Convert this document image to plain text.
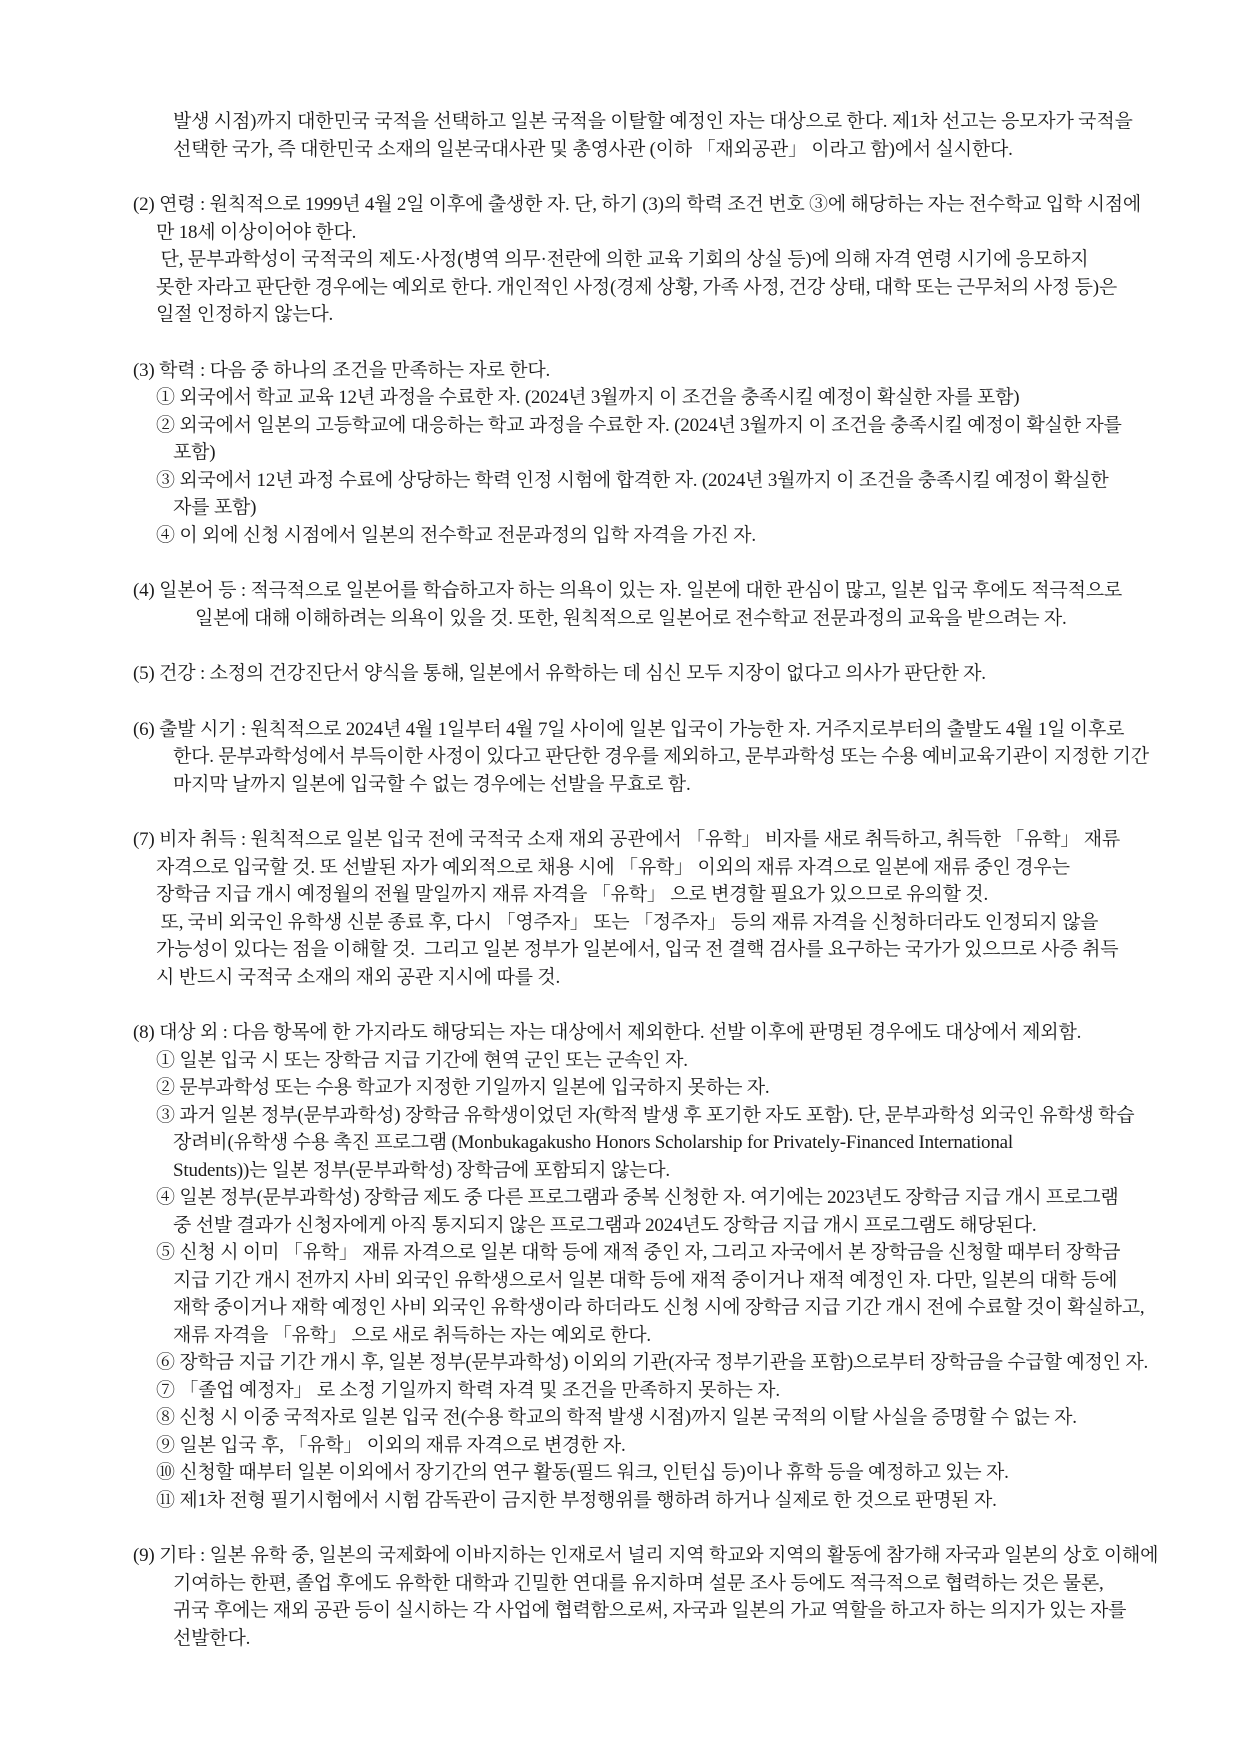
발생 시점)까지 대한민국 국적을 선택하고 일본 국적을 이탈할 예정인 자는 대상으로 한다. 제1차 선고는 응모자가 국적을
선택한 국가, 즉 대한민국 소재의 일본국대사관 및 총영사관 (이하 「재외공관」 이라고 함)에서 실시한다.
(2) 연령 : 원칙적으로 1999년 4월 2일 이후에 출생한 자. 단, 하기 (3)의 학력 조건 번호 ③에 해당하는 자는 전수학교 입학 시점에
만 18세 이상이어야 한다.
단, 문부과학성이 국적국의 제도·사정(병역 의무·전란에 의한 교육 기회의 상실 등)에 의해 자격 연령 시기에 응모하지
못한 자라고 판단한 경우에는 예외로 한다. 개인적인 사정(경제 상황, 가족 사정, 건강 상태, 대학 또는 근무처의 사정 등)은
일절 인정하지 않는다.
(3) 학력 : 다음 중 하나의 조건을 만족하는 자로 한다.
① 외국에서 학교 교육 12년 과정을 수료한 자. (2024년 3월까지 이 조건을 충족시킬 예정이 확실한 자를 포함)
② 외국에서 일본의 고등학교에 대응하는 학교 과정을 수료한 자. (2024년 3월까지 이 조건을 충족시킬 예정이 확실한 자를
포함)
③ 외국에서 12년 과정 수료에 상당하는 학력 인정 시험에 합격한 자. (2024년 3월까지 이 조건을 충족시킬 예정이 확실한
자를 포함)
④ 이 외에 신청 시점에서 일본의 전수학교 전문과정의 입학 자격을 가진 자.
(4) 일본어 등 : 적극적으로 일본어를 학습하고자 하는 의욕이 있는 자. 일본에 대한 관심이 많고, 일본 입국 후에도 적극적으로
일본에 대해 이해하려는 의욕이 있을 것. 또한, 원칙적으로 일본어로 전수학교 전문과정의 교육을 받으려는 자.
(5) 건강 : 소정의 건강진단서 양식을 통해, 일본에서 유학하는 데 심신 모두 지장이 없다고 의사가 판단한 자.
(6) 출발 시기 : 원칙적으로 2024년 4월 1일부터 4월 7일 사이에 일본 입국이 가능한 자. 거주지로부터의 출발도 4월 1일 이후로
한다. 문부과학성에서 부득이한 사정이 있다고 판단한 경우를 제외하고, 문부과학성 또는 수용 예비교육기관이 지정한 기간
마지막 날까지 일본에 입국할 수 없는 경우에는 선발을 무효로 함.
(7) 비자 취득 : 원칙적으로 일본 입국 전에 국적국 소재 재외 공관에서 「유학」 비자를 새로 취득하고, 취득한 「유학」 재류
자격으로 입국할 것. 또 선발된 자가 예외적으로 채용 시에 「유학」 이외의 재류 자격으로 일본에 재류 중인 경우는
장학금 지급 개시 예정월의 전월 말일까지 재류 자격을 「유학」 으로 변경할 필요가 있으므로 유의할 것.
또, 국비 외국인 유학생 신분 종료 후, 다시 「영주자」 또는 「정주자」 등의 재류 자격을 신청하더라도 인정되지 않을
가능성이 있다는 점을 이해할 것.  그리고 일본 정부가 일본에서, 입국 전 결핵 검사를 요구하는 국가가 있으므로 사증 취득
시 반드시 국적국 소재의 재외 공관 지시에 따를 것.
(8) 대상 외 : 다음 항목에 한 가지라도 해당되는 자는 대상에서 제외한다. 선발 이후에 판명된 경우에도 대상에서 제외함.
① 일본 입국 시 또는 장학금 지급 기간에 현역 군인 또는 군속인 자.
② 문부과학성 또는 수용 학교가 지정한 기일까지 일본에 입국하지 못하는 자.
③ 과거 일본 정부(문부과학성) 장학금 유학생이었던 자(학적 발생 후 포기한 자도 포함). 단, 문부과학성 외국인 유학생 학습
장려비(유학생 수용 촉진 프로그램 (Monbukagakusho Honors Scholarship for Privately-Financed International
Students))는 일본 정부(문부과학성) 장학금에 포함되지 않는다.
④ 일본 정부(문부과학성) 장학금 제도 중 다른 프로그램과 중복 신청한 자. 여기에는 2023년도 장학금 지급 개시 프로그램
중 선발 결과가 신청자에게 아직 통지되지 않은 프로그램과 2024년도 장학금 지급 개시 프로그램도 해당된다.
⑤ 신청 시 이미 「유학」 재류 자격으로 일본 대학 등에 재적 중인 자, 그리고 자국에서 본 장학금을 신청할 때부터 장학금
지급 기간 개시 전까지 사비 외국인 유학생으로서 일본 대학 등에 재적 중이거나 재적 예정인 자. 다만, 일본의 대학 등에
재학 중이거나 재학 예정인 사비 외국인 유학생이라 하더라도 신청 시에 장학금 지급 기간 개시 전에 수료할 것이 확실하고,
재류 자격을 「유학」 으로 새로 취득하는 자는 예외로 한다.
⑥ 장학금 지급 기간 개시 후, 일본 정부(문부과학성) 이외의 기관(자국 정부기관을 포함)으로부터 장학금을 수급할 예정인 자.
⑦ 「졸업 예정자」 로 소정 기일까지 학력 자격 및 조건을 만족하지 못하는 자.
⑧ 신청 시 이중 국적자로 일본 입국 전(수용 학교의 학적 발생 시점)까지 일본 국적의 이탈 사실을 증명할 수 없는 자.
⑨ 일본 입국 후, 「유학」 이외의 재류 자격으로 변경한 자.
⑩ 신청할 때부터 일본 이외에서 장기간의 연구 활동(필드 워크, 인턴십 등)이나 휴학 등을 예정하고 있는 자.
⑪ 제1차 전형 필기시험에서 시험 감독관이 금지한 부정행위를 행하려 하거나 실제로 한 것으로 판명된 자.
(9) 기타 : 일본 유학 중, 일본의 국제화에 이바지하는 인재로서 널리 지역 학교와 지역의 활동에 참가해 자국과 일본의 상호 이해에
기여하는 한편, 졸업 후에도 유학한 대학과 긴밀한 연대를 유지하며 설문 조사 등에도 적극적으로 협력하는 것은 물론,
귀국 후에는 재외 공관 등이 실시하는 각 사업에 협력함으로써, 자국과 일본의 가교 역할을 하고자 하는 의지가 있는 자를
선발한다.
